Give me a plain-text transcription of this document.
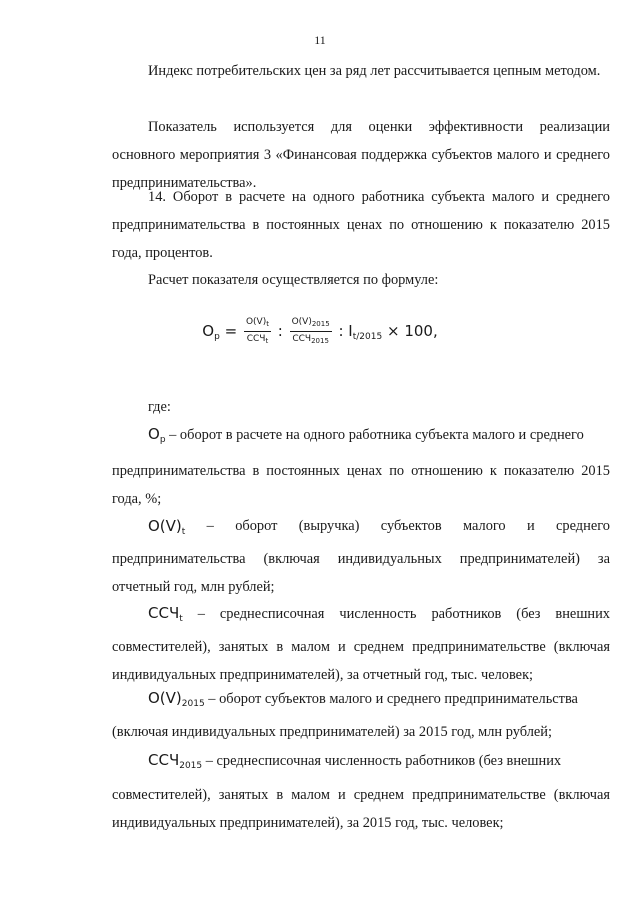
11
Индекс потребительских цен за ряд лет рассчитывается цепным методом.
Показатель используется для оценки эффективности реализации основного мероприятия 3 «Финансовая поддержка субъектов малого и среднего предпринимательства».
14. Оборот в расчете на одного работника субъекта малого и среднего предпринимательства в постоянных ценах по отношению к показателю 2015 года, процентов.
Расчет показателя осуществляется по формуле:
$О_р = \frac{О(V)_t}{ССЧ_t}$ : $\frac{О(V)_{2015}}{ССЧ_{2015}}$ : $I_{t/2015} \times 100$,
где:
$О_р$ – оборот в расчете на одного работника субъекта малого и среднего
предпринимательства в постоянных ценах по отношению к показателю 2015 года, %;
$О(V)_t$ – оборот (выручка) субъектов малого и среднего
предпринимательства (включая индивидуальных предпринимателей) за отчетный год, млн рублей;
$ССЧ_t$ – среднесписочная численность работников (без внешних совместителей), занятых в малом и среднем предпринимательстве (включая индивидуальных предпринимателей), за отчетный год, тыс. человек;
$О(V)_{2015}$ – оборот субъектов малого и среднего предпринимательства
(включая индивидуальных предпринимателей) за 2015 год, млн рублей;
$ССЧ_{2015}$ – среднесписочная численность работников (без внешних
совместителей), занятых в малом и среднем предпринимательстве (включая индивидуальных предпринимателей), за 2015 год, тыс. человек;
